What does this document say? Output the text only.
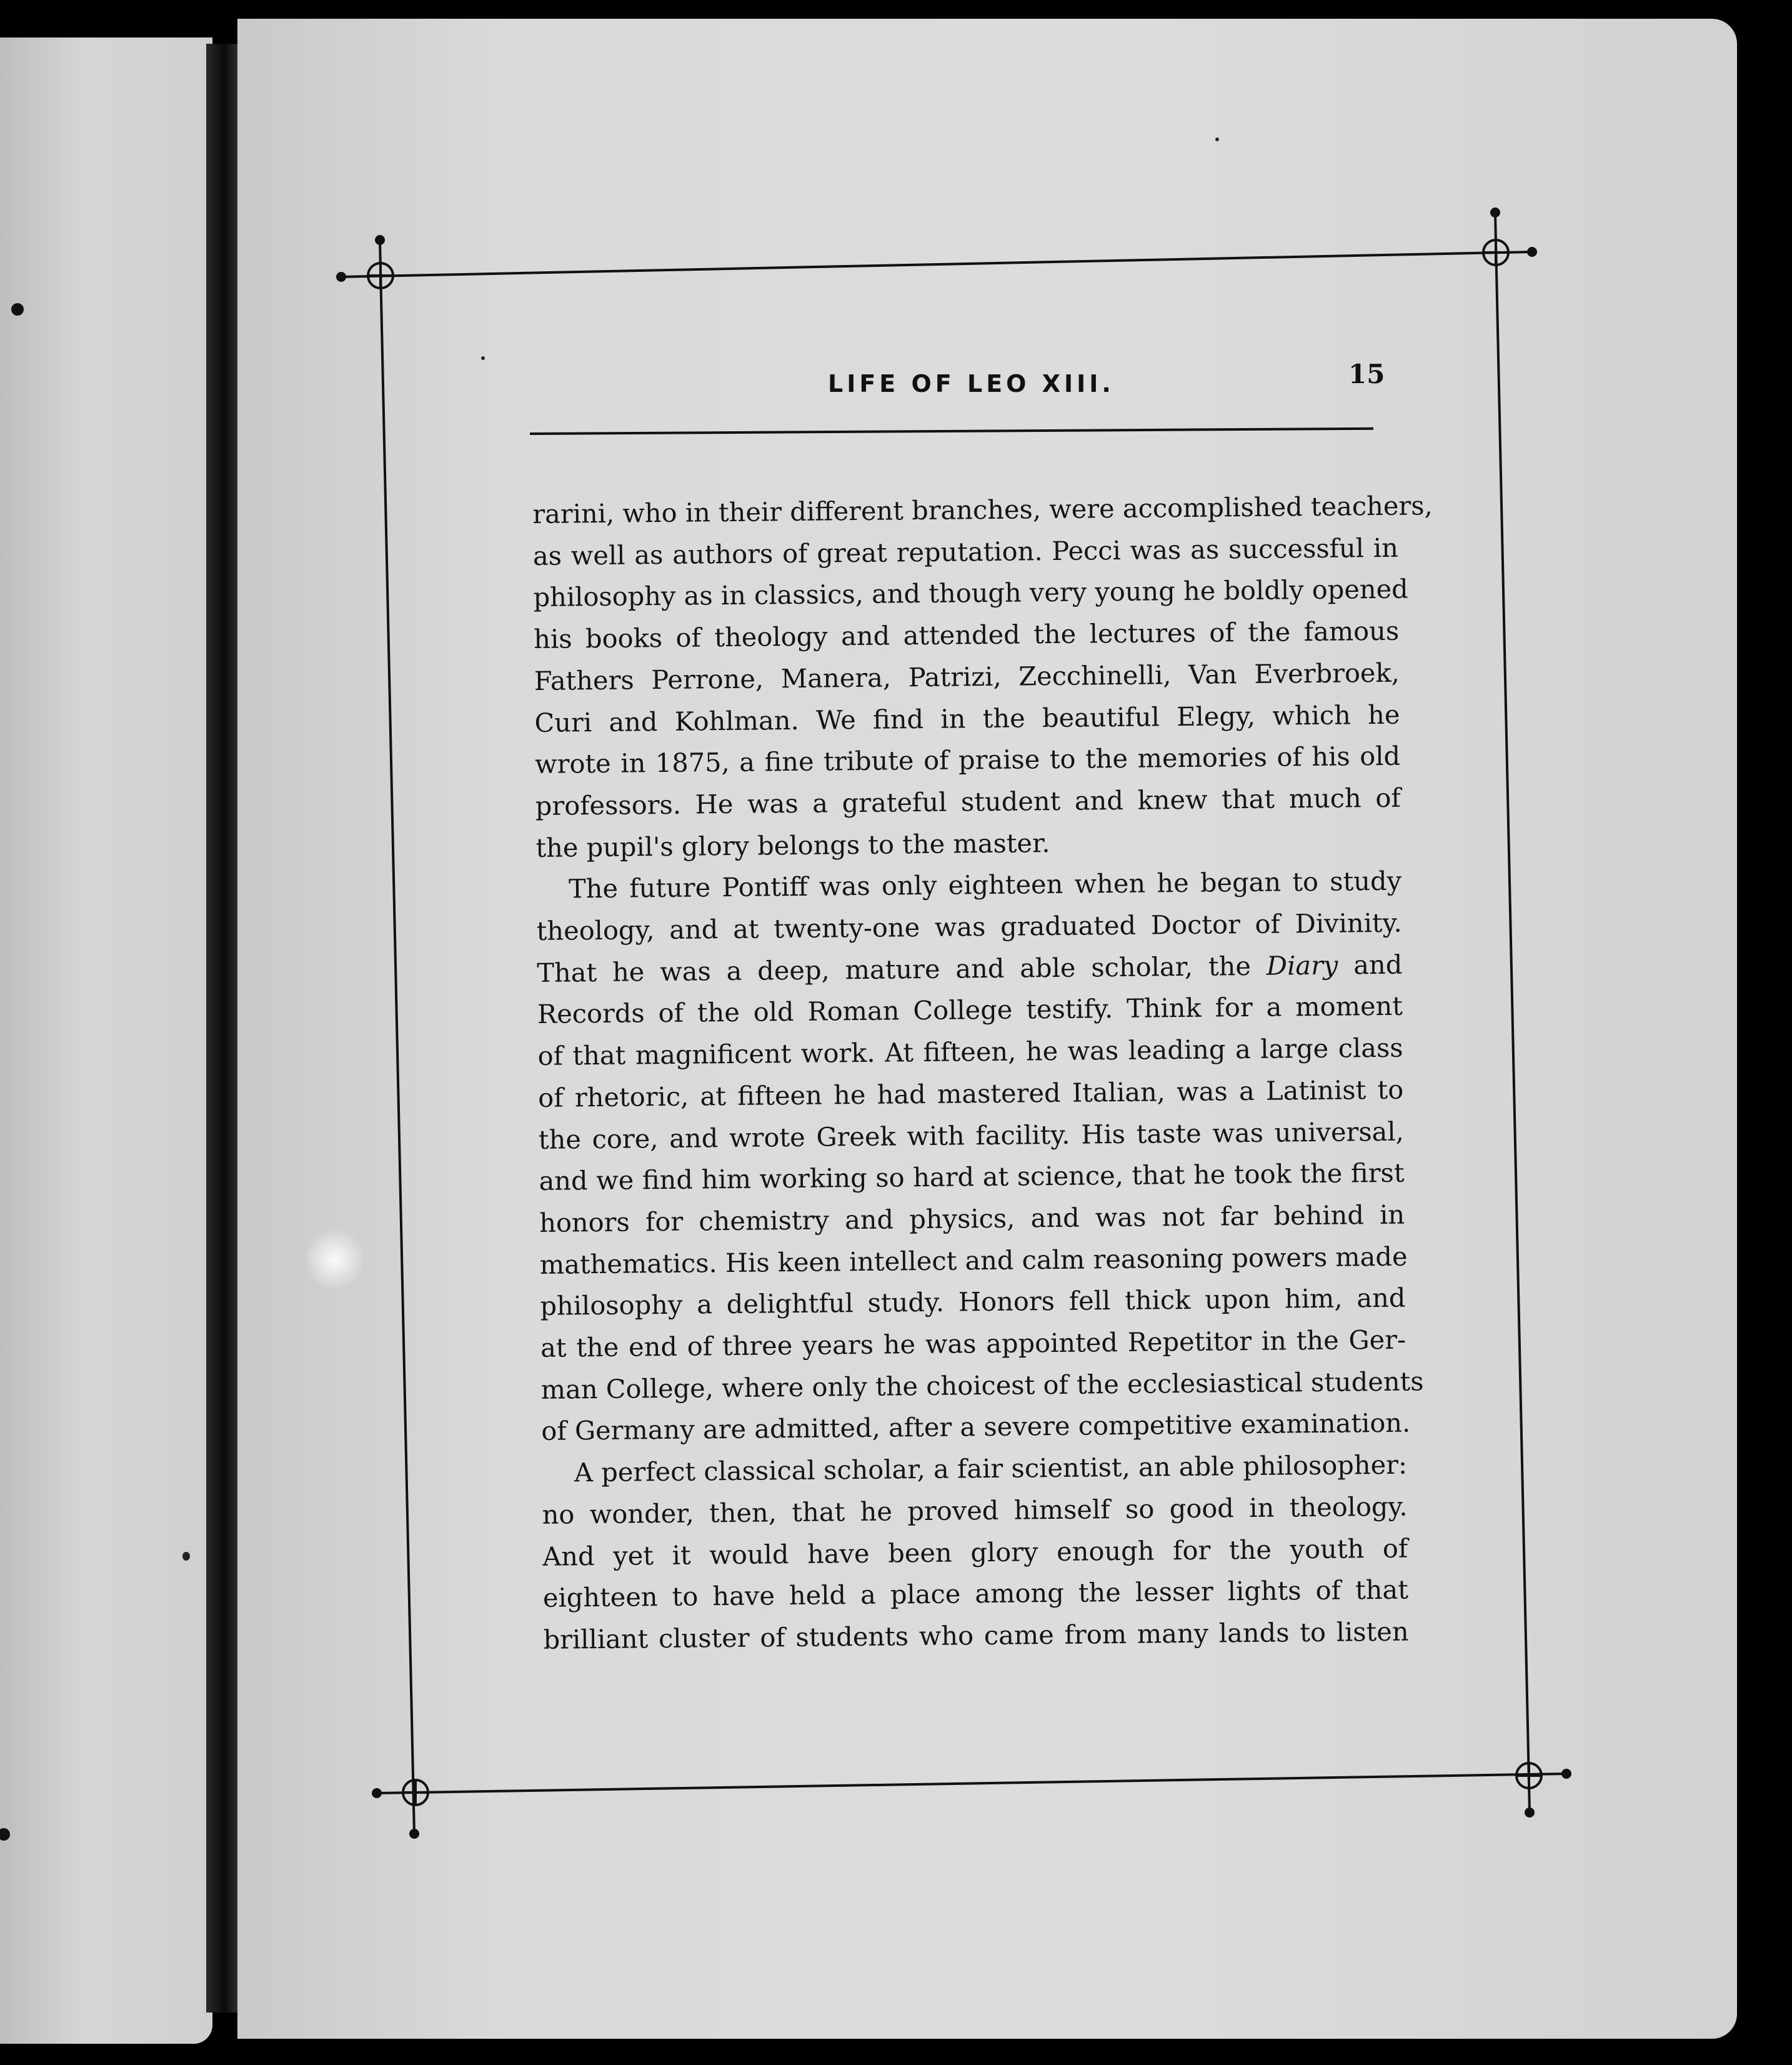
LIFE OF LEO XIII.	15
rarini, who in their different branches, were accomplished teachers,
as well as authors of great reputation. Pecci was as successful in
philosophy as in classics, and though very young he boldly opened
his books of theology and attended the lectures of the famous
Fathers Perrone, Manera, Patrizi, Zecchinelli, Van Everbroek,
Curi and Kohlman. We find in the beautiful Elegy, which he
wrote in 1875, a fine tribute of praise to the memories of his old
professors. He was a grateful student and knew that much of
the pupil's glory belongs to the master.
The future Pontiff was only eighteen when he began to study
theology, and at twenty-one was graduated Doctor of Divinity.
That he was a deep, mature and able scholar, the Diary and
Records of the old Roman College testify. Think for a moment
of that magnificent work. At fifteen, he was leading a large class
of rhetoric, at fifteen he had mastered Italian, was a Latinist to
the core, and wrote Greek with facility. His taste was universal,
and we find him working so hard at science, that he took the first
honors for chemistry and physics, and was not far behind in
mathematics. His keen intellect and calm reasoning powers made
philosophy a delightful study. Honors fell thick upon him, and
at the end of three years he was appointed Repetitor in the Ger-
man College, where only the choicest of the ecclesiastical students
of Germany are admitted, after a severe competitive examination.
A perfect classical scholar, a fair scientist, an able philosopher:
no wonder, then, that he proved himself so good in theology.
And yet it would have been glory enough for the youth of
eighteen to have held a place among the lesser lights of that
brilliant cluster of students who came from many lands to listen
